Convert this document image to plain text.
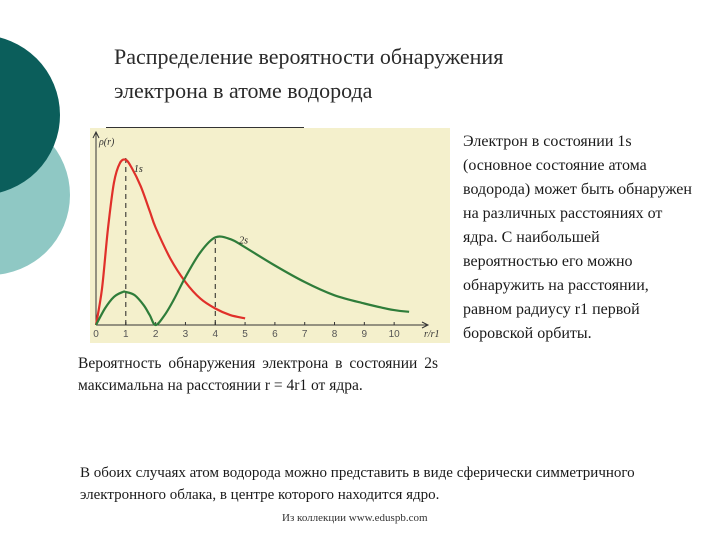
Распределение вероятности обнаружения
электрона в атоме водорода
0 1 2 3 4 5 6 7 8 9 10 r/r1
ρ(r)
1s
2s
Вероятность обнаружения электрона в состоянии 2s максимальна на расстоянии r = 4r1 от ядра.
Электрон в состоянии 1s (основное состояние атома водорода) может быть обнаружен на различных расстояниях от ядра. С наибольшей вероятностью его можно обнаружить на расстоянии, равном радиусу r1 первой боровской орбиты.
В обоих случаях атом водорода можно представить в виде сферически симметричного электронного облака, в центре которого находится ядро.
Из коллекции www.eduspb.com
